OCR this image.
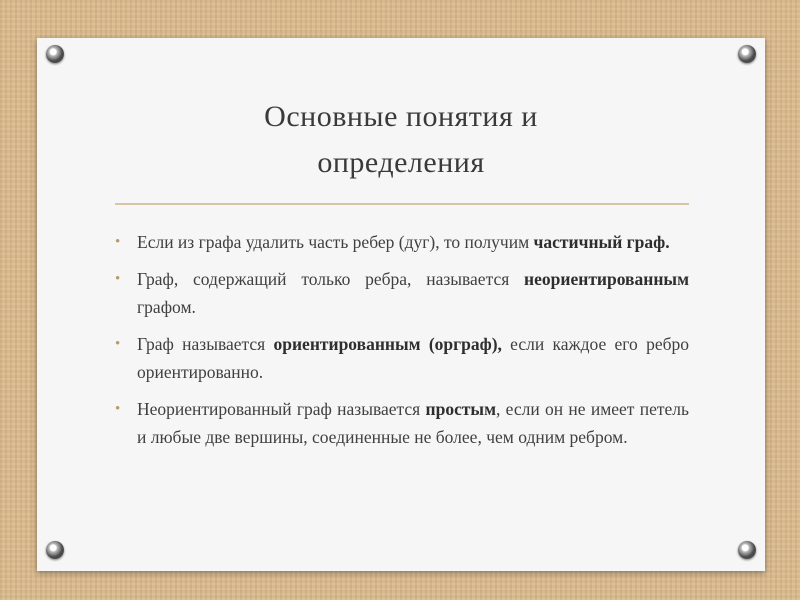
Основные понятия и
определения
• Если из графа удалить часть ребер (дуг), то получим частичный граф.
• Граф, содержащий только ребра, называется неориентированным графом.
• Граф называется ориентированным (орграф), если каждое его ребро ориентированно.
• Неориентированный граф называется простым, если он не имеет петель и любые две вершины, соединенные не более, чем одним ребром.
